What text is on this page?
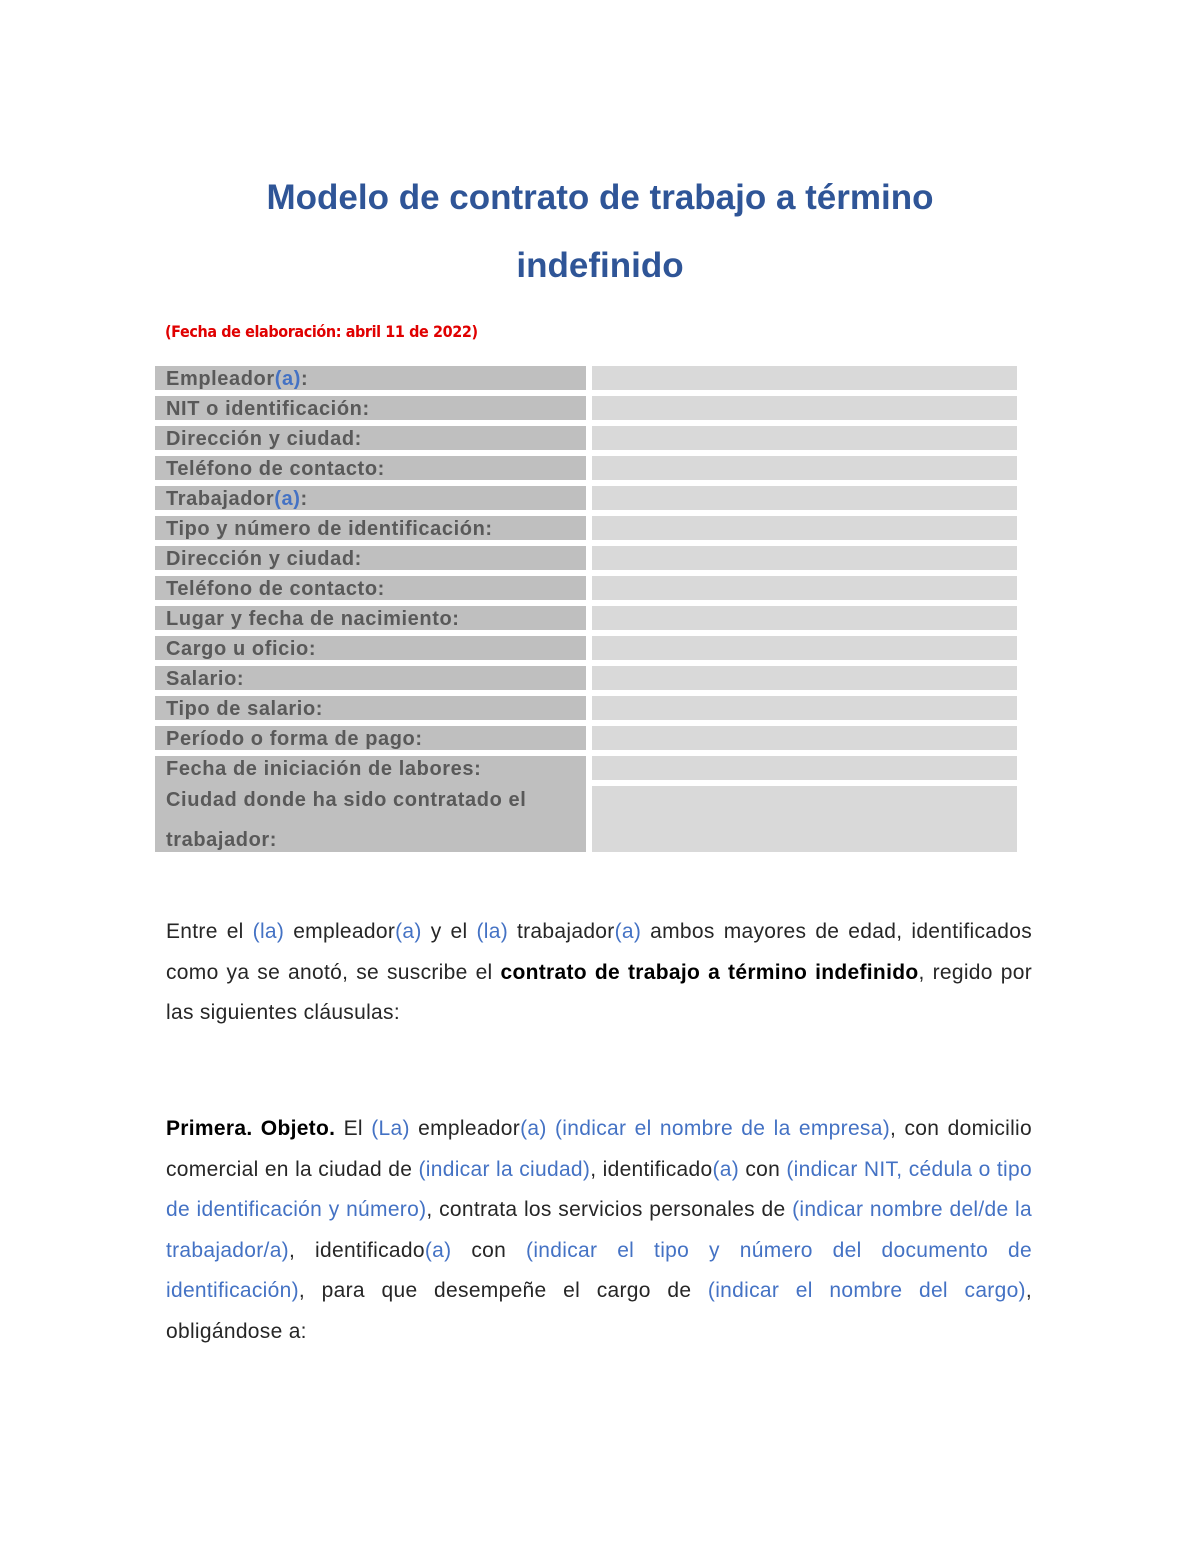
Modelo de contrato de trabajo a término
indefinido
(Fecha de elaboración: abril 11 de 2022)
Empleador(a):
NIT o identificación:
Dirección y ciudad:
Teléfono de contacto:
Trabajador(a):
Tipo y número de identificación:
Dirección y ciudad:
Teléfono de contacto:
Lugar y fecha de nacimiento:
Cargo u oficio:
Salario:
Tipo de salario:
Período o forma de pago:
Fecha de iniciación de labores:
Ciudad donde ha sido contratado el trabajador:

Entre el (la) empleador(a) y el (la) trabajador(a) ambos mayores de edad, identificados como ya se anotó, se suscribe el contrato de trabajo a término indefinido, regido por las siguientes cláusulas:

Primera. Objeto. El (La) empleador(a) (indicar el nombre de la empresa), con domicilio comercial en la ciudad de (indicar la ciudad), identificado(a) con (indicar NIT, cédula o tipo de identificación y número), contrata los servicios personales de (indicar nombre del/de la trabajador/a), identificado(a) con (indicar el tipo y número del documento de identificación), para que desempeñe el cargo de (indicar el nombre del cargo), obligándose a:
